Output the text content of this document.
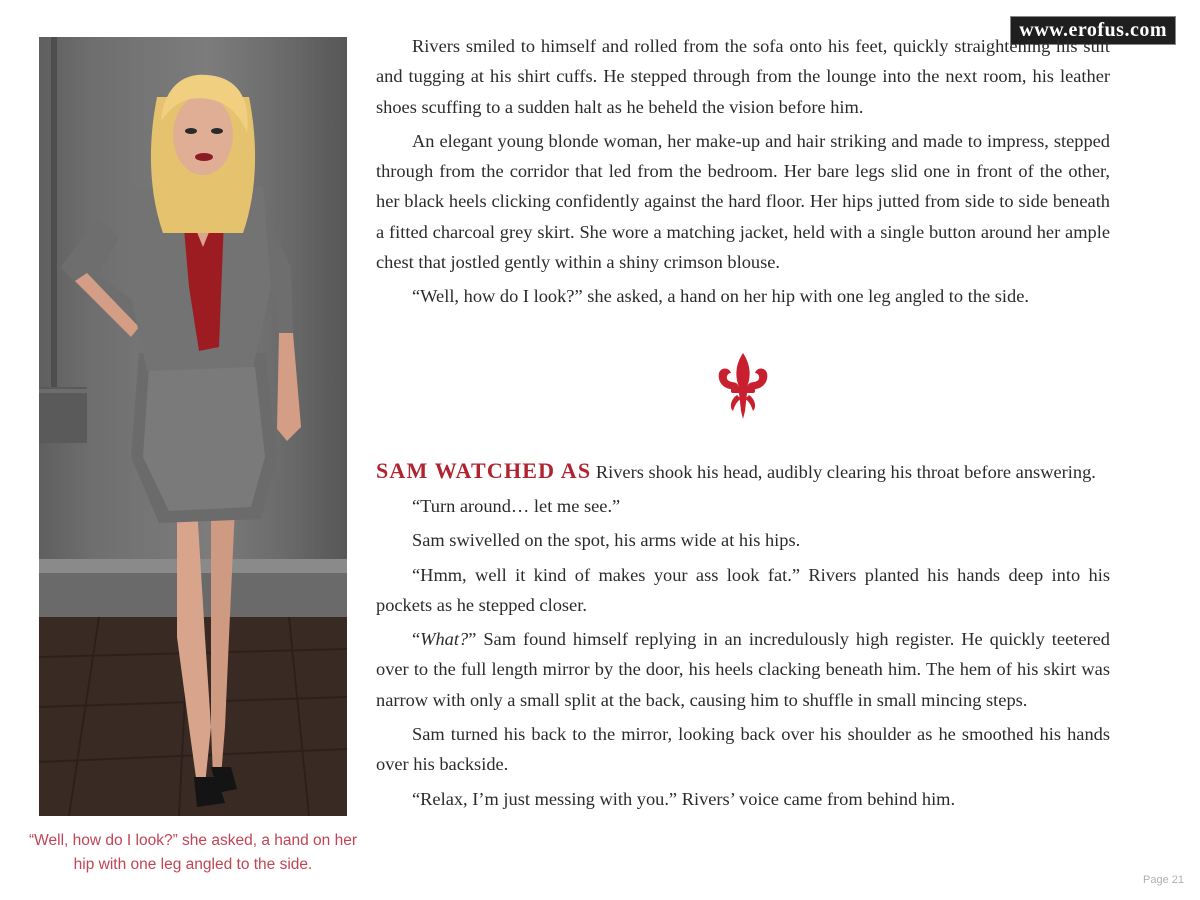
www.erofus.com
“Well, how do I look?” she asked, a hand on her hip with one leg angled to the side.

Rivers smiled to himself and rolled from the sofa onto his feet, quickly straightening his suit and tugging at his shirt cuffs. He stepped through from the lounge into the next room, his leather shoes scuffing to a sudden halt as he beheld the vision before him.

An elegant young blonde woman, her make-up and hair striking and made to impress, stepped through from the corridor that led from the bedroom. Her bare legs slid one in front of the other, her black heels clicking confidently against the hard floor. Her hips jutted from side to side beneath a fitted charcoal grey skirt. She wore a matching jacket, held with a single button around her ample chest that jostled gently within a shiny crimson blouse.

“Well, how do I look?” she asked, a hand on her hip with one leg angled to the side.

SAM WATCHED AS Rivers shook his head, audibly clearing his throat before answering.

“Turn around… let me see.”

Sam swivelled on the spot, his arms wide at his hips.

“Hmm, well it kind of makes your ass look fat.” Rivers planted his hands deep into his pockets as he stepped closer.

“What?” Sam found himself replying in an incredulously high register. He quickly teetered over to the full length mirror by the door, his heels clacking beneath him. The hem of his skirt was narrow with only a small split at the back, causing him to shuffle in small mincing steps.

Sam turned his back to the mirror, looking back over his shoulder as he smoothed his hands over his backside.

“Relax, I’m just messing with you.” Rivers’ voice came from behind him.

Page 21
